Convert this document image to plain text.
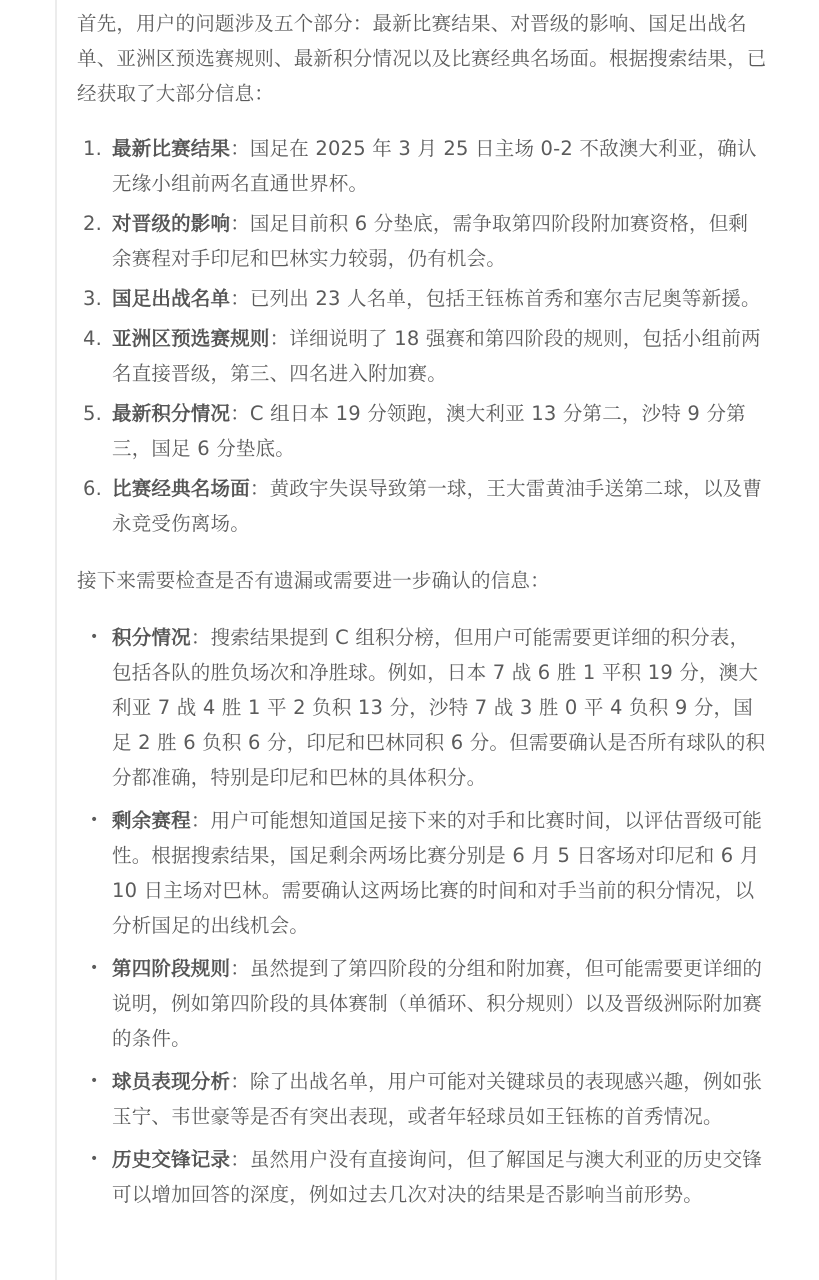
首先，用户的问题涉及五个部分：最新比赛结果、对晋级的影响、国足出战名单、亚洲区预选赛规则、最新积分情况以及比赛经典名场面。根据搜索结果，已经获取了大部分信息：

1. 最新比赛结果：国足在 2025 年 3 月 25 日主场 0-2 不敌澳大利亚，确认无缘小组前两名直通世界杯。
2. 对晋级的影响：国足目前积 6 分垫底，需争取第四阶段附加赛资格，但剩余赛程对手印尼和巴林实力较弱，仍有机会。
3. 国足出战名单：已列出 23 人名单，包括王钰栋首秀和塞尔吉尼奥等新援。
4. 亚洲区预选赛规则：详细说明了 18 强赛和第四阶段的规则，包括小组前两名直接晋级，第三、四名进入附加赛。
5. 最新积分情况：C 组日本 19 分领跑，澳大利亚 13 分第二，沙特 9 分第三，国足 6 分垫底。
6. 比赛经典名场面：黄政宇失误导致第一球，王大雷黄油手送第二球，以及曹永竞受伤离场。

接下来需要检查是否有遗漏或需要进一步确认的信息：

• 积分情况：搜索结果提到 C 组积分榜，但用户可能需要更详细的积分表，包括各队的胜负场次和净胜球。例如，日本 7 战 6 胜 1 平积 19 分，澳大利亚 7 战 4 胜 1 平 2 负积 13 分，沙特 7 战 3 胜 0 平 4 负积 9 分，国足 2 胜 6 负积 6 分，印尼和巴林同积 6 分。但需要确认是否所有球队的积分都准确，特别是印尼和巴林的具体积分。
• 剩余赛程：用户可能想知道国足接下来的对手和比赛时间，以评估晋级可能性。根据搜索结果，国足剩余两场比赛分别是 6 月 5 日客场对印尼和 6 月 10 日主场对巴林。需要确认这两场比赛的时间和对手当前的积分情况，以分析国足的出线机会。
• 第四阶段规则：虽然提到了第四阶段的分组和附加赛，但可能需要更详细的说明，例如第四阶段的具体赛制（单循环、积分规则）以及晋级洲际附加赛的条件。
• 球员表现分析：除了出战名单，用户可能对关键球员的表现感兴趣，例如张玉宁、韦世豪等是否有突出表现，或者年轻球员如王钰栋的首秀情况。
• 历史交锋记录：虽然用户没有直接询问，但了解国足与澳大利亚的历史交锋可以增加回答的深度，例如过去几次对决的结果是否影响当前形势。
